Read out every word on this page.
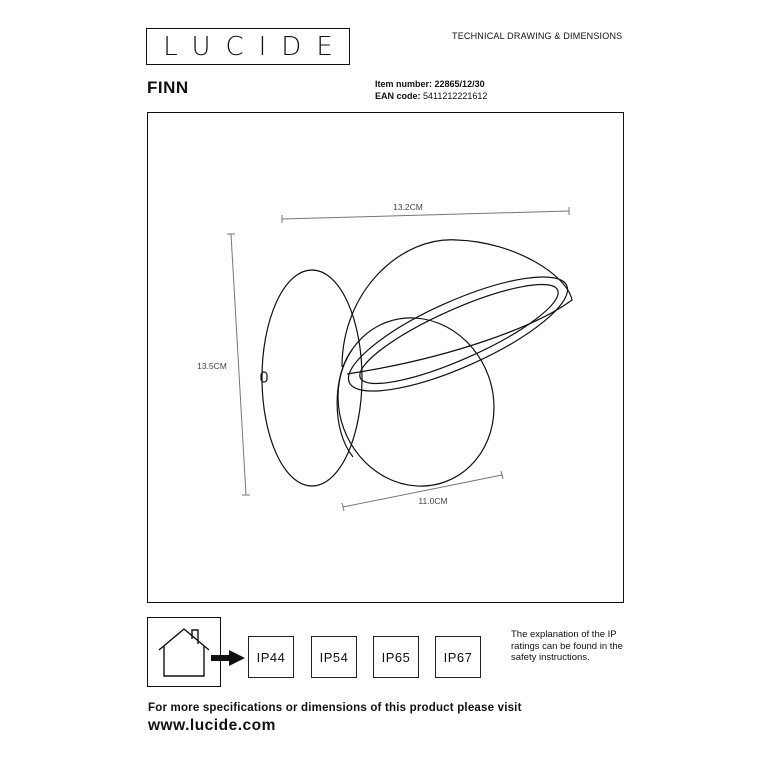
LUCIDE	TECHNICAL DRAWING & DIMENSIONS
FINN	Item number: 22865/12/30
EAN code: 5411212221612
13.2CM
13.5CM
11.0CM
IP44	IP54	IP65	IP67
The explanation of the IP ratings can be found in the safety instructions.
For more specifications or dimensions of this product please visit
www.lucide.com
